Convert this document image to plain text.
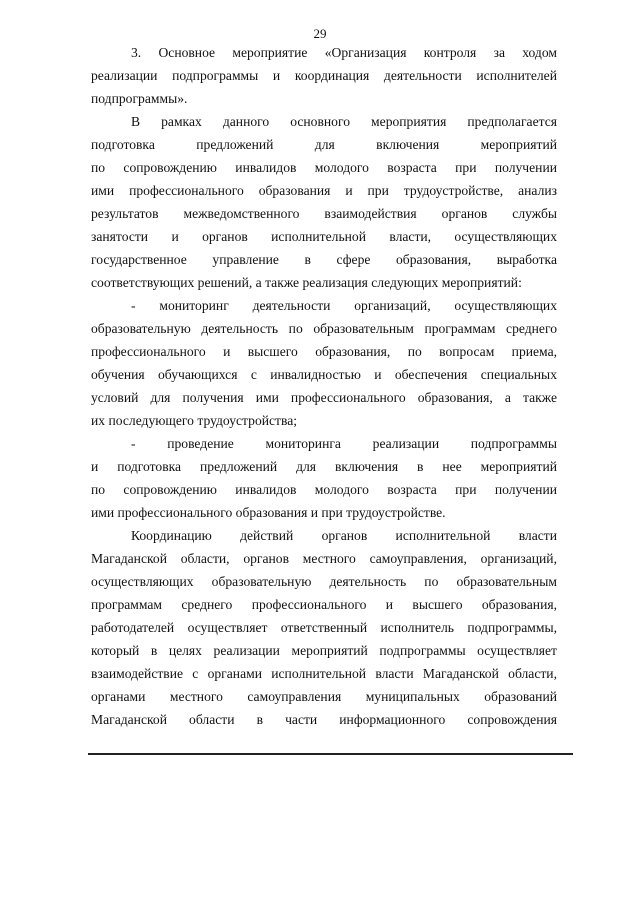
29
3. Основное мероприятие «Организация контроля за ходом
реализации подпрограммы и координация деятельности исполнителей
подпрограммы».
В рамках данного основного мероприятия предполагается
подготовка предложений для включения мероприятий
по сопровождению инвалидов молодого возраста при получении
ими профессионального образования и при трудоустройстве, анализ
результатов межведомственного взаимодействия органов службы
занятости и органов исполнительной власти, осуществляющих
государственное управление в сфере образования, выработка
соответствующих решений, а также реализация следующих мероприятий:
- мониторинг деятельности организаций, осуществляющих
образовательную деятельность по образовательным программам среднего
профессионального и высшего образования, по вопросам приема,
обучения обучающихся с инвалидностью и обеспечения специальных
условий для получения ими профессионального образования, а также
их последующего трудоустройства;
- проведение мониторинга реализации подпрограммы
и подготовка предложений для включения в нее мероприятий
по сопровождению инвалидов молодого возраста при получении
ими профессионального образования и при трудоустройстве.
Координацию действий органов исполнительной власти
Магаданской области, органов местного самоуправления, организаций,
осуществляющих образовательную деятельность по образовательным
программам среднего профессионального и высшего образования,
работодателей осуществляет ответственный исполнитель подпрограммы,
который в целях реализации мероприятий подпрограммы осуществляет
взаимодействие с органами исполнительной власти Магаданской области,
органами местного самоуправления муниципальных образований
Магаданской области в части информационного сопровождения
